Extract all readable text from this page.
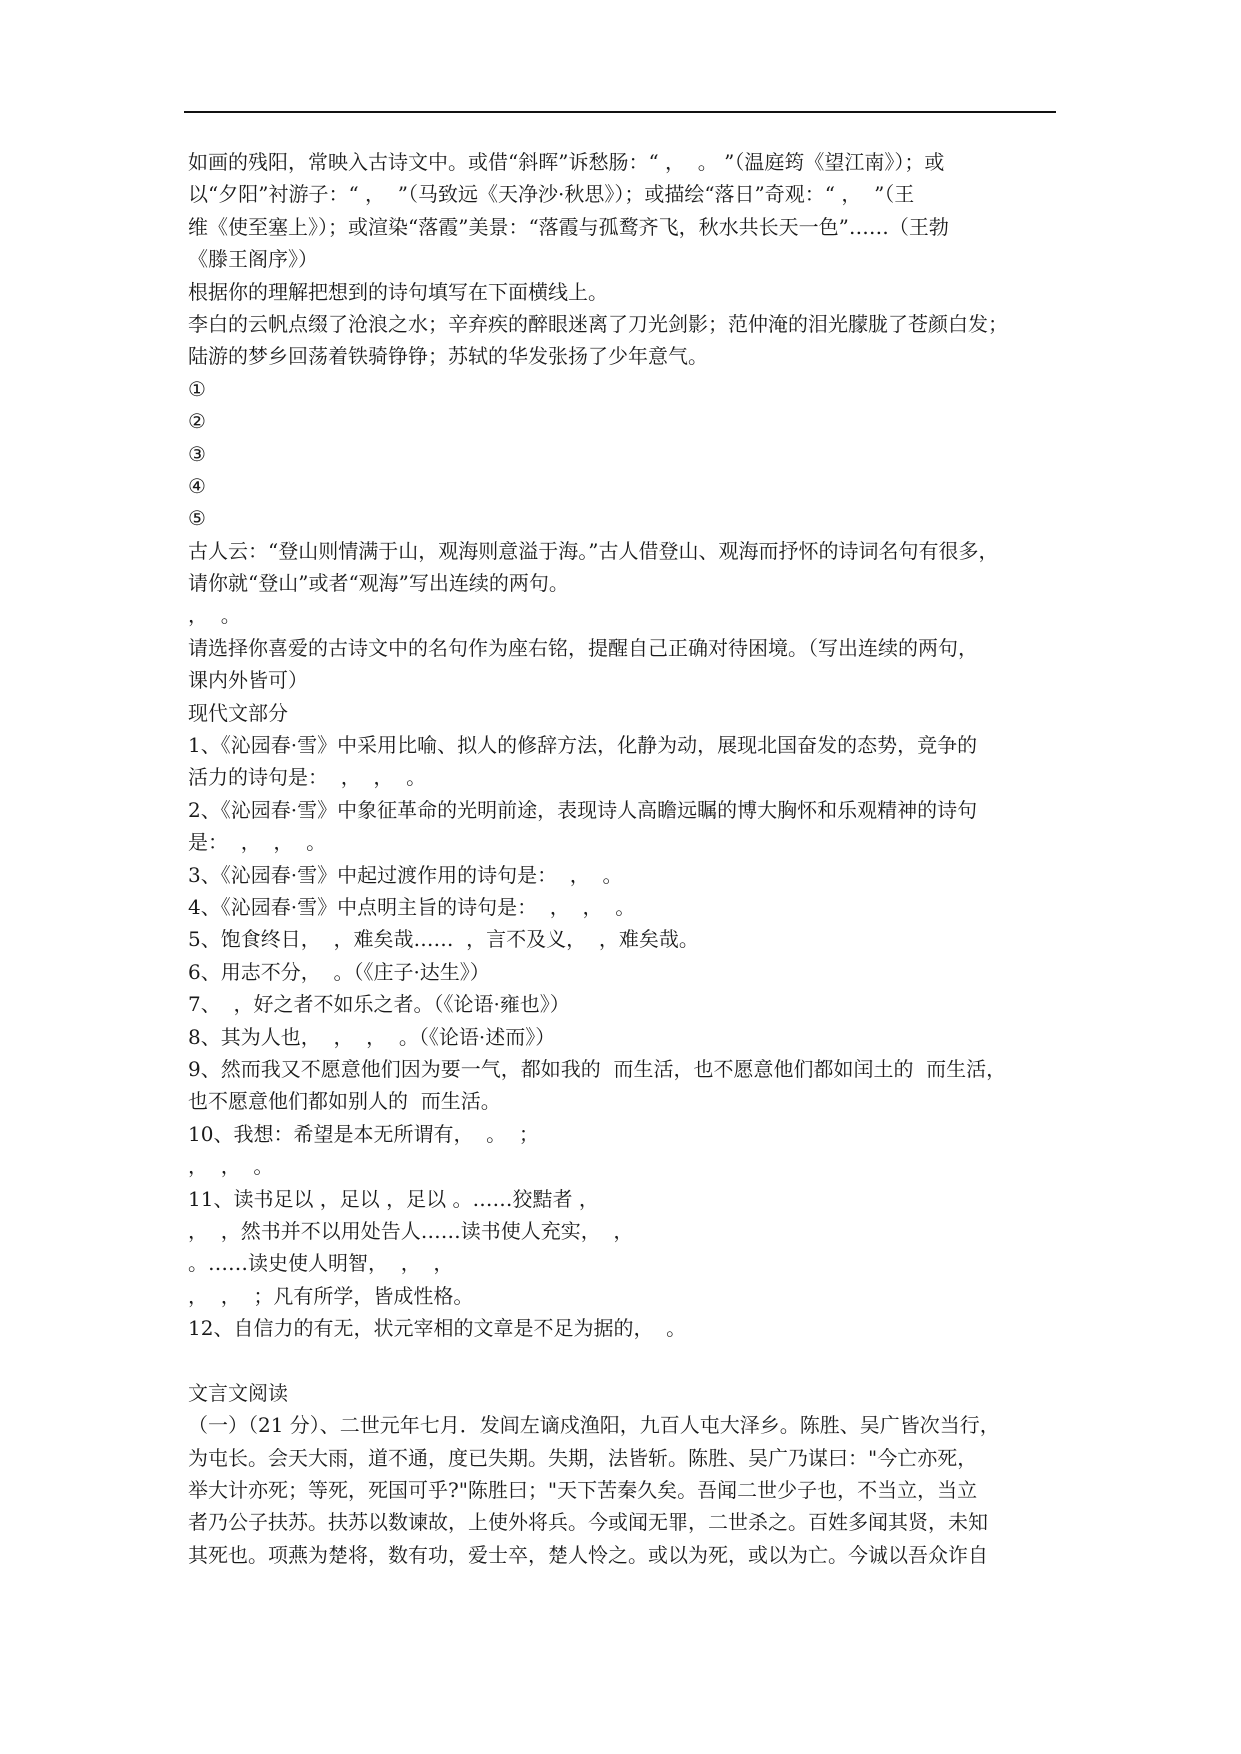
如画的残阳，常映入古诗文中。或借“斜晖”诉愁肠：“ ，  。 ”（温庭筠《望江南》）；或
以“夕阳”衬游子：“ ，  ”（马致远《天净沙·秋思》）；或描绘“落日”奇观：“ ，  ”（王
维《使至塞上》）；或渲染“落霞”美景：“落霞与孤鹜齐飞，秋水共长天一色”……（王勃
《滕王阁序》）
根据你的理解把想到的诗句填写在下面横线上。
李白的云帆点缀了沧浪之水；辛弃疾的醉眼迷离了刀光剑影；范仲淹的泪光朦胧了苍颜白发；
陆游的梦乡回荡着铁骑铮铮；苏轼的华发张扬了少年意气。
①
②
③
④
⑤
古人云：“登山则情满于山，观海则意溢于海。”古人借登山、观海而抒怀的诗词名句有很多，
请你就“登山”或者“观海”写出连续的两句。
，  。
请选择你喜爱的古诗文中的名句作为座右铭，提醒自己正确对待困境。（写出连续的两句，
课内外皆可）
现代文部分
1、《沁园春·雪》中采用比喻、拟人的修辞方法，化静为动，展现北国奋发的态势，竞争的
活力的诗句是：  ，  ，  。
2、《沁园春·雪》中象征革命的光明前途，表现诗人高瞻远瞩的博大胸怀和乐观精神的诗句
是：  ，  ，  。
3、《沁园春·雪》中起过渡作用的诗句是：  ，  。
4、《沁园春·雪》中点明主旨的诗句是：  ，  ，  。
5、饱食终日，  ，难矣哉……  ，言不及义，  ，难矣哉。
6、用志不分，  。（《庄子·达生》）
7、  ，好之者不如乐之者。（《论语·雍也》）
8、其为人也，  ，  ，  。（《论语·述而》）
9、然而我又不愿意他们因为要一气，都如我的  而生活，也不愿意他们都如闰土的  而生活，
也不愿意他们都如别人的  而生活。
10、我想：希望是本无所谓有，  。  ；
，  ，  。
11、读书足以 ，足以 ，足以 。……狡黠者 ，
，  ，然书并不以用处告人……读书使人充实，  ，
。……读史使人明智，  ，  ，
，  ，  ；凡有所学，皆成性格。
12、自信力的有无，状元宰相的文章是不足为据的，  。
文言文阅读
（一）（21 分）、二世元年七月．发闾左谪戍渔阳，九百人屯大泽乡。陈胜、吴广皆次当行，
为屯长。会天大雨，道不通，度已失期。失期，法皆斩。陈胜、吴广乃谋曰："今亡亦死，
举大计亦死；等死，死国可乎?"陈胜曰；"天下苦秦久矣。吾闻二世少子也，不当立，当立
者乃公子扶苏。扶苏以数谏故，上使外将兵。今或闻无罪，二世杀之。百姓多闻其贤，未知
其死也。项燕为楚将，数有功，爱士卒，楚人怜之。或以为死，或以为亡。今诚以吾众诈自
